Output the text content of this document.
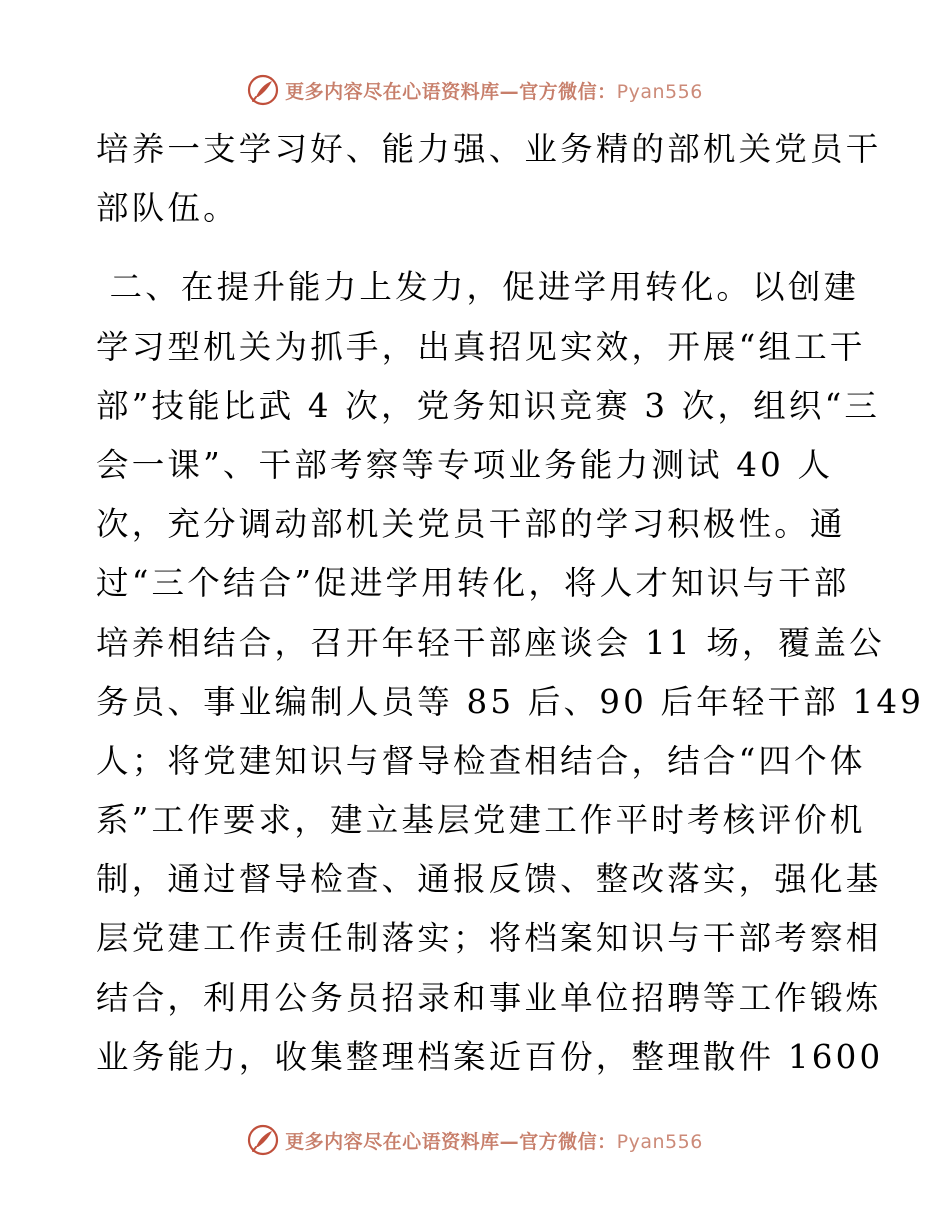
更多内容尽在心语资料库—官方微信：Pyan556
培养一支学习好、能力强、业务精的部机关党员干
部队伍。
二、在提升能力上发力，促进学用转化。以创建
学习型机关为抓手，出真招见实效，开展“组工干
部”技能比武 4 次，党务知识竞赛 3 次，组织“三
会一课”、干部考察等专项业务能力测试 40 人
次，充分调动部机关党员干部的学习积极性。通
过“三个结合”促进学用转化，将人才知识与干部
培养相结合，召开年轻干部座谈会 11 场，覆盖公
务员、事业编制人员等 85 后、90 后年轻干部 149
人；将党建知识与督导检查相结合，结合“四个体
系”工作要求，建立基层党建工作平时考核评价机
制，通过督导检查、通报反馈、整改落实，强化基
层党建工作责任制落实；将档案知识与干部考察相
结合，利用公务员招录和事业单位招聘等工作锻炼
业务能力，收集整理档案近百份，整理散件 1600
更多内容尽在心语资料库—官方微信：Pyan556
